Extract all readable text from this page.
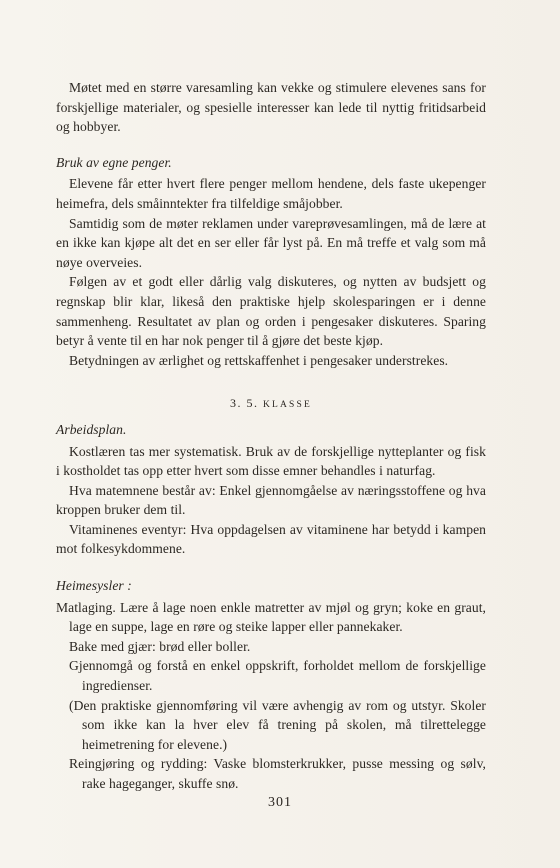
Møtet med en større varesamling kan vekke og stimulere elevenes sans for forskjellige materialer, og spesielle interesser kan lede til nyttig fritidsarbeid og hobbyer.

Bruk av egne penger.

Elevene får etter hvert flere penger mellom hendene, dels faste ukepenger heimefra, dels småinntekter fra tilfeldige småjobber.

Samtidig som de møter reklamen under vareprøvesamlingen, må de lære at en ikke kan kjøpe alt det en ser eller får lyst på. En må treffe et valg som må nøye overveies.

Følgen av et godt eller dårlig valg diskuteres, og nytten av budsjett og regnskap blir klar, likeså den praktiske hjelp skolesparingen er i denne sammenheng. Resultatet av plan og orden i pengesaker diskuteres. Sparing betyr å vente til en har nok penger til å gjøre det beste kjøp.

Betydningen av ærlighet og rettskaffenhet i pengesaker understrekes.

3. 5. KLASSE

Arbeidsplan.

Kostlæren tas mer systematisk. Bruk av de forskjellige nytteplanter og fisk i kostholdet tas opp etter hvert som disse emner behandles i naturfag.

Hva matemnene består av: Enkel gjennomgåelse av næringsstoffene og hva kroppen bruker dem til.

Vitaminenes eventyr: Hva oppdagelsen av vitaminene har betydd i kampen mot folkesykdommene.

Heimesysler :

Matlaging. Lære å lage noen enkle matretter av mjøl og gryn; koke en graut, lage en suppe, lage en røre og steike lapper eller pannekaker.

Bake med gjær: brød eller boller.

Gjennomgå og forstå en enkel oppskrift, forholdet mellom de forskjellige ingredienser.

(Den praktiske gjennomføring vil være avhengig av rom og utstyr. Skoler som ikke kan la hver elev få trening på skolen, må tilrettelegge heimetrening for elevene.)

Reingjøring og rydding: Vaske blomsterkrukker, pusse messing og sølv, rake hageganger, skuffe snø.

301
